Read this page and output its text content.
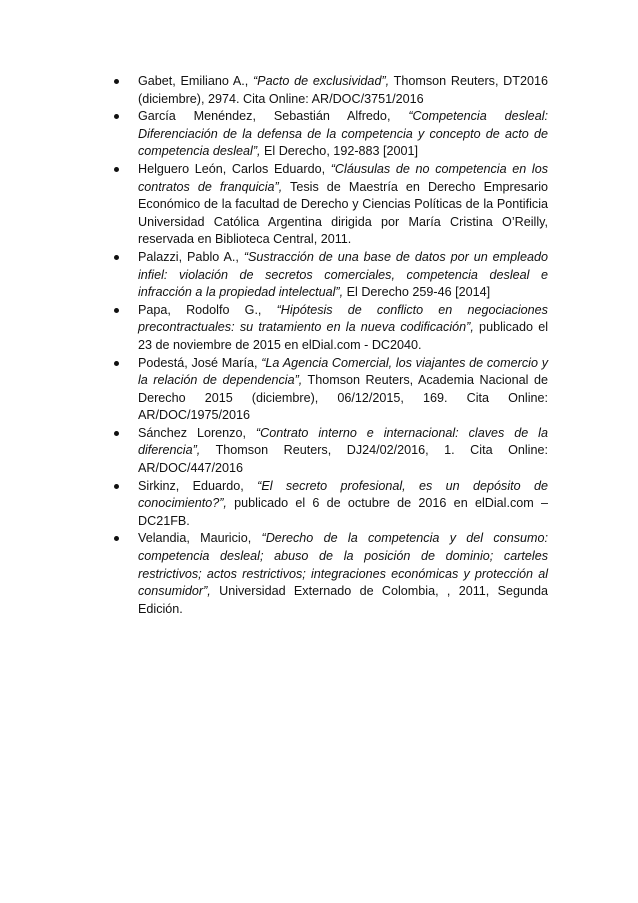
Gabet, Emiliano A., “Pacto de exclusividad”, Thomson Reuters, DT2016 (diciembre), 2974. Cita Online: AR/DOC/3751/2016
García Menéndez, Sebastián Alfredo, “Competencia desleal: Diferenciación de la defensa de la competencia y concepto de acto de competencia desleal”, El Derecho, 192-883 [2001]
Helguero León, Carlos Eduardo, “Cláusulas de no competencia en los contratos de franquicia”, Tesis de Maestría en Derecho Empresario Económico de la facultad de Derecho y Ciencias Políticas de la Pontificia Universidad Católica Argentina dirigida por María Cristina O’Reilly, reservada en Biblioteca Central, 2011.
Palazzi, Pablo A., “Sustracción de una base de datos por un empleado infiel: violación de secretos comerciales, competencia desleal e infracción a la propiedad intelectual”, El Derecho 259-46 [2014]
Papa, Rodolfo G., “Hipótesis de conflicto en negociaciones precontractuales: su tratamiento en la nueva codificación”, publicado el 23 de noviembre de 2015 en elDial.com - DC2040.
Podestá, José María, “La Agencia Comercial, los viajantes de comercio y la relación de dependencia”, Thomson Reuters, Academia Nacional de Derecho 2015 (diciembre), 06/12/2015, 169. Cita Online: AR/DOC/1975/2016
Sánchez Lorenzo, “Contrato interno e internacional: claves de la diferencia”, Thomson Reuters, DJ24/02/2016, 1. Cita Online: AR/DOC/447/2016
Sirkinz, Eduardo, “El secreto profesional, es un depósito de conocimiento?”, publicado el 6 de octubre de 2016 en elDial.com – DC21FB.
Velandia, Mauricio, “Derecho de la competencia y del consumo: competencia desleal; abuso de la posición de dominio; carteles restrictivos; actos restrictivos; integraciones económicas y protección al consumidor”, Universidad Externado de Colombia, , 2011, Segunda Edición.
